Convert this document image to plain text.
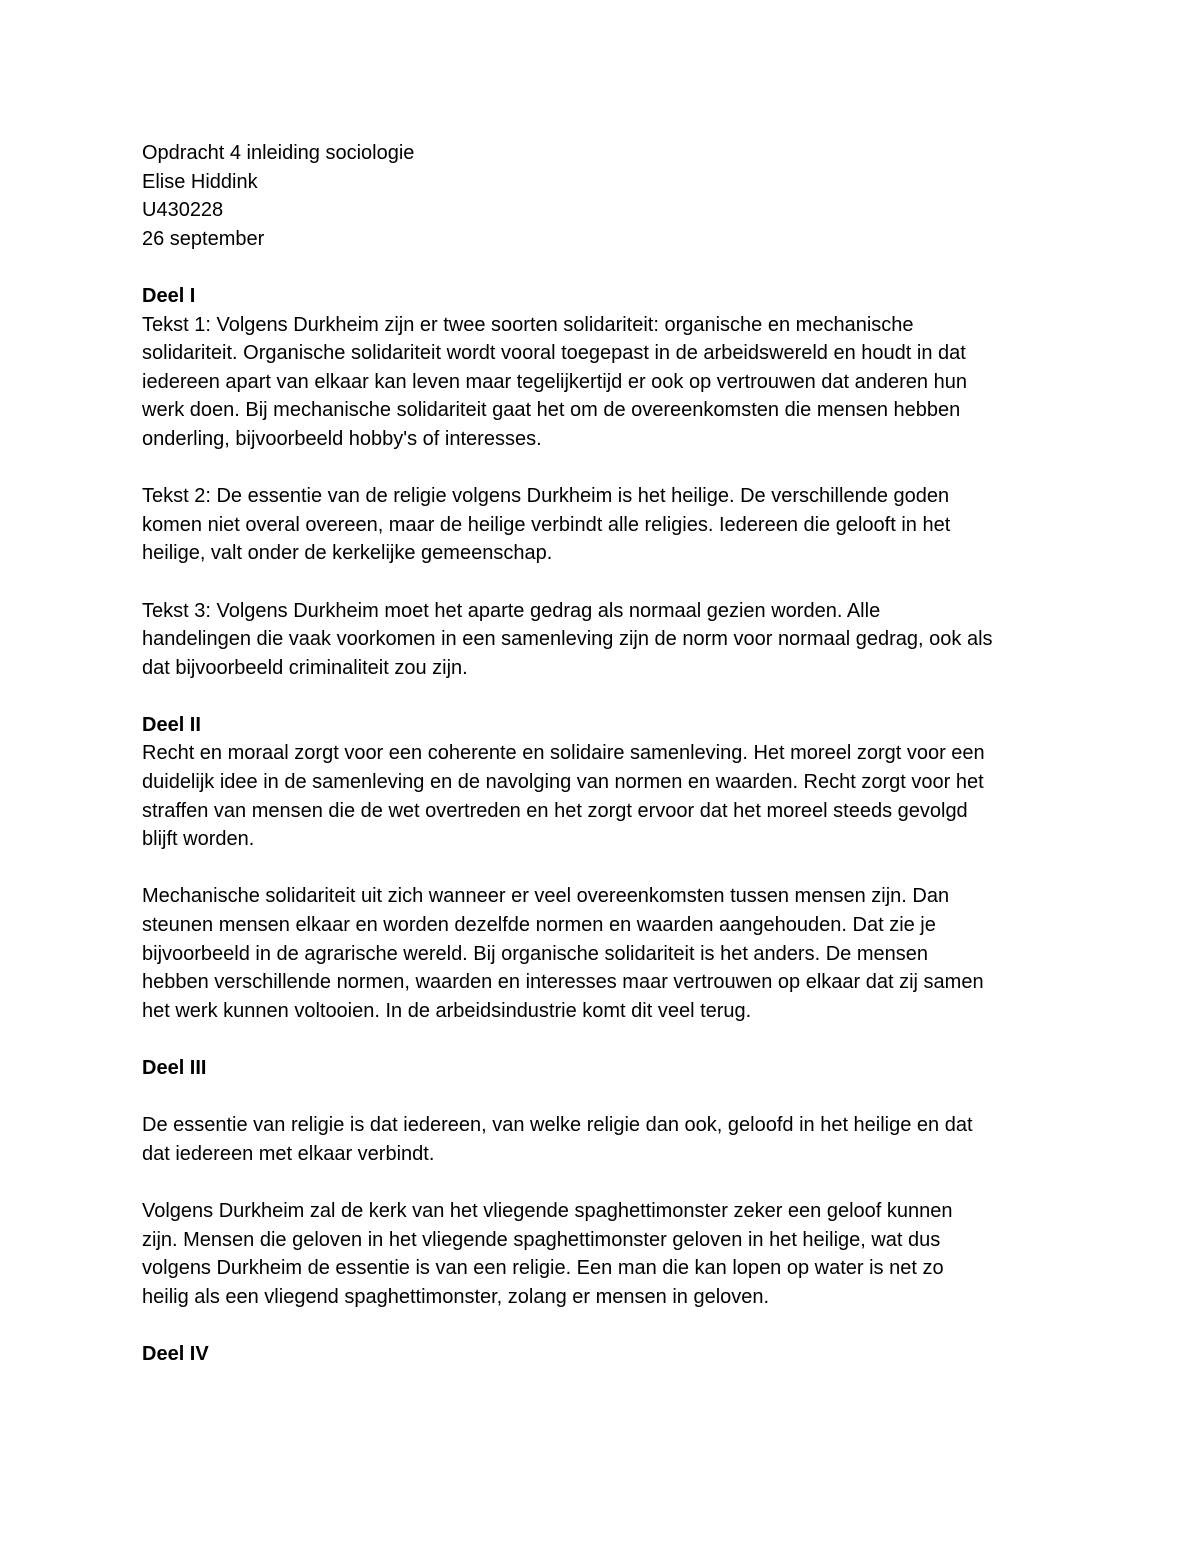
Opdracht 4 inleiding sociologie
Elise Hiddink
U430228
26 september
Deel I
Tekst 1: Volgens Durkheim zijn er twee soorten solidariteit: organische en mechanische
solidariteit. Organische solidariteit wordt vooral toegepast in de arbeidswereld en houdt in dat
iedereen apart van elkaar kan leven maar tegelijkertijd er ook op vertrouwen dat anderen hun
werk doen. Bij mechanische solidariteit gaat het om de overeenkomsten die mensen hebben
onderling, bijvoorbeeld hobby's of interesses.
Tekst 2: De essentie van de religie volgens Durkheim is het heilige. De verschillende goden
komen niet overal overeen, maar de heilige verbindt alle religies. Iedereen die gelooft in het
heilige, valt onder de kerkelijke gemeenschap.
Tekst 3: Volgens Durkheim moet het aparte gedrag als normaal gezien worden. Alle
handelingen die vaak voorkomen in een samenleving zijn de norm voor normaal gedrag, ook als
dat bijvoorbeeld criminaliteit zou zijn.
Deel II
Recht en moraal zorgt voor een coherente en solidaire samenleving. Het moreel zorgt voor een
duidelijk idee in de samenleving en de navolging van normen en waarden. Recht zorgt voor het
straffen van mensen die de wet overtreden en het zorgt ervoor dat het moreel steeds gevolgd
blijft worden.
Mechanische solidariteit uit zich wanneer er veel overeenkomsten tussen mensen zijn. Dan
steunen mensen elkaar en worden dezelfde normen en waarden aangehouden. Dat zie je
bijvoorbeeld in de agrarische wereld. Bij organische solidariteit is het anders. De mensen
hebben verschillende normen, waarden en interesses maar vertrouwen op elkaar dat zij samen
het werk kunnen voltooien. In de arbeidsindustrie komt dit veel terug.
Deel III
De essentie van religie is dat iedereen, van welke religie dan ook, geloofd in het heilige en dat
dat iedereen met elkaar verbindt.
Volgens Durkheim zal de kerk van het vliegende spaghettimonster zeker een geloof kunnen
zijn. Mensen die geloven in het vliegende spaghettimonster geloven in het heilige, wat dus
volgens Durkheim de essentie is van een religie. Een man die kan lopen op water is net zo
heilig als een vliegend spaghettimonster, zolang er mensen in geloven.
Deel IV
